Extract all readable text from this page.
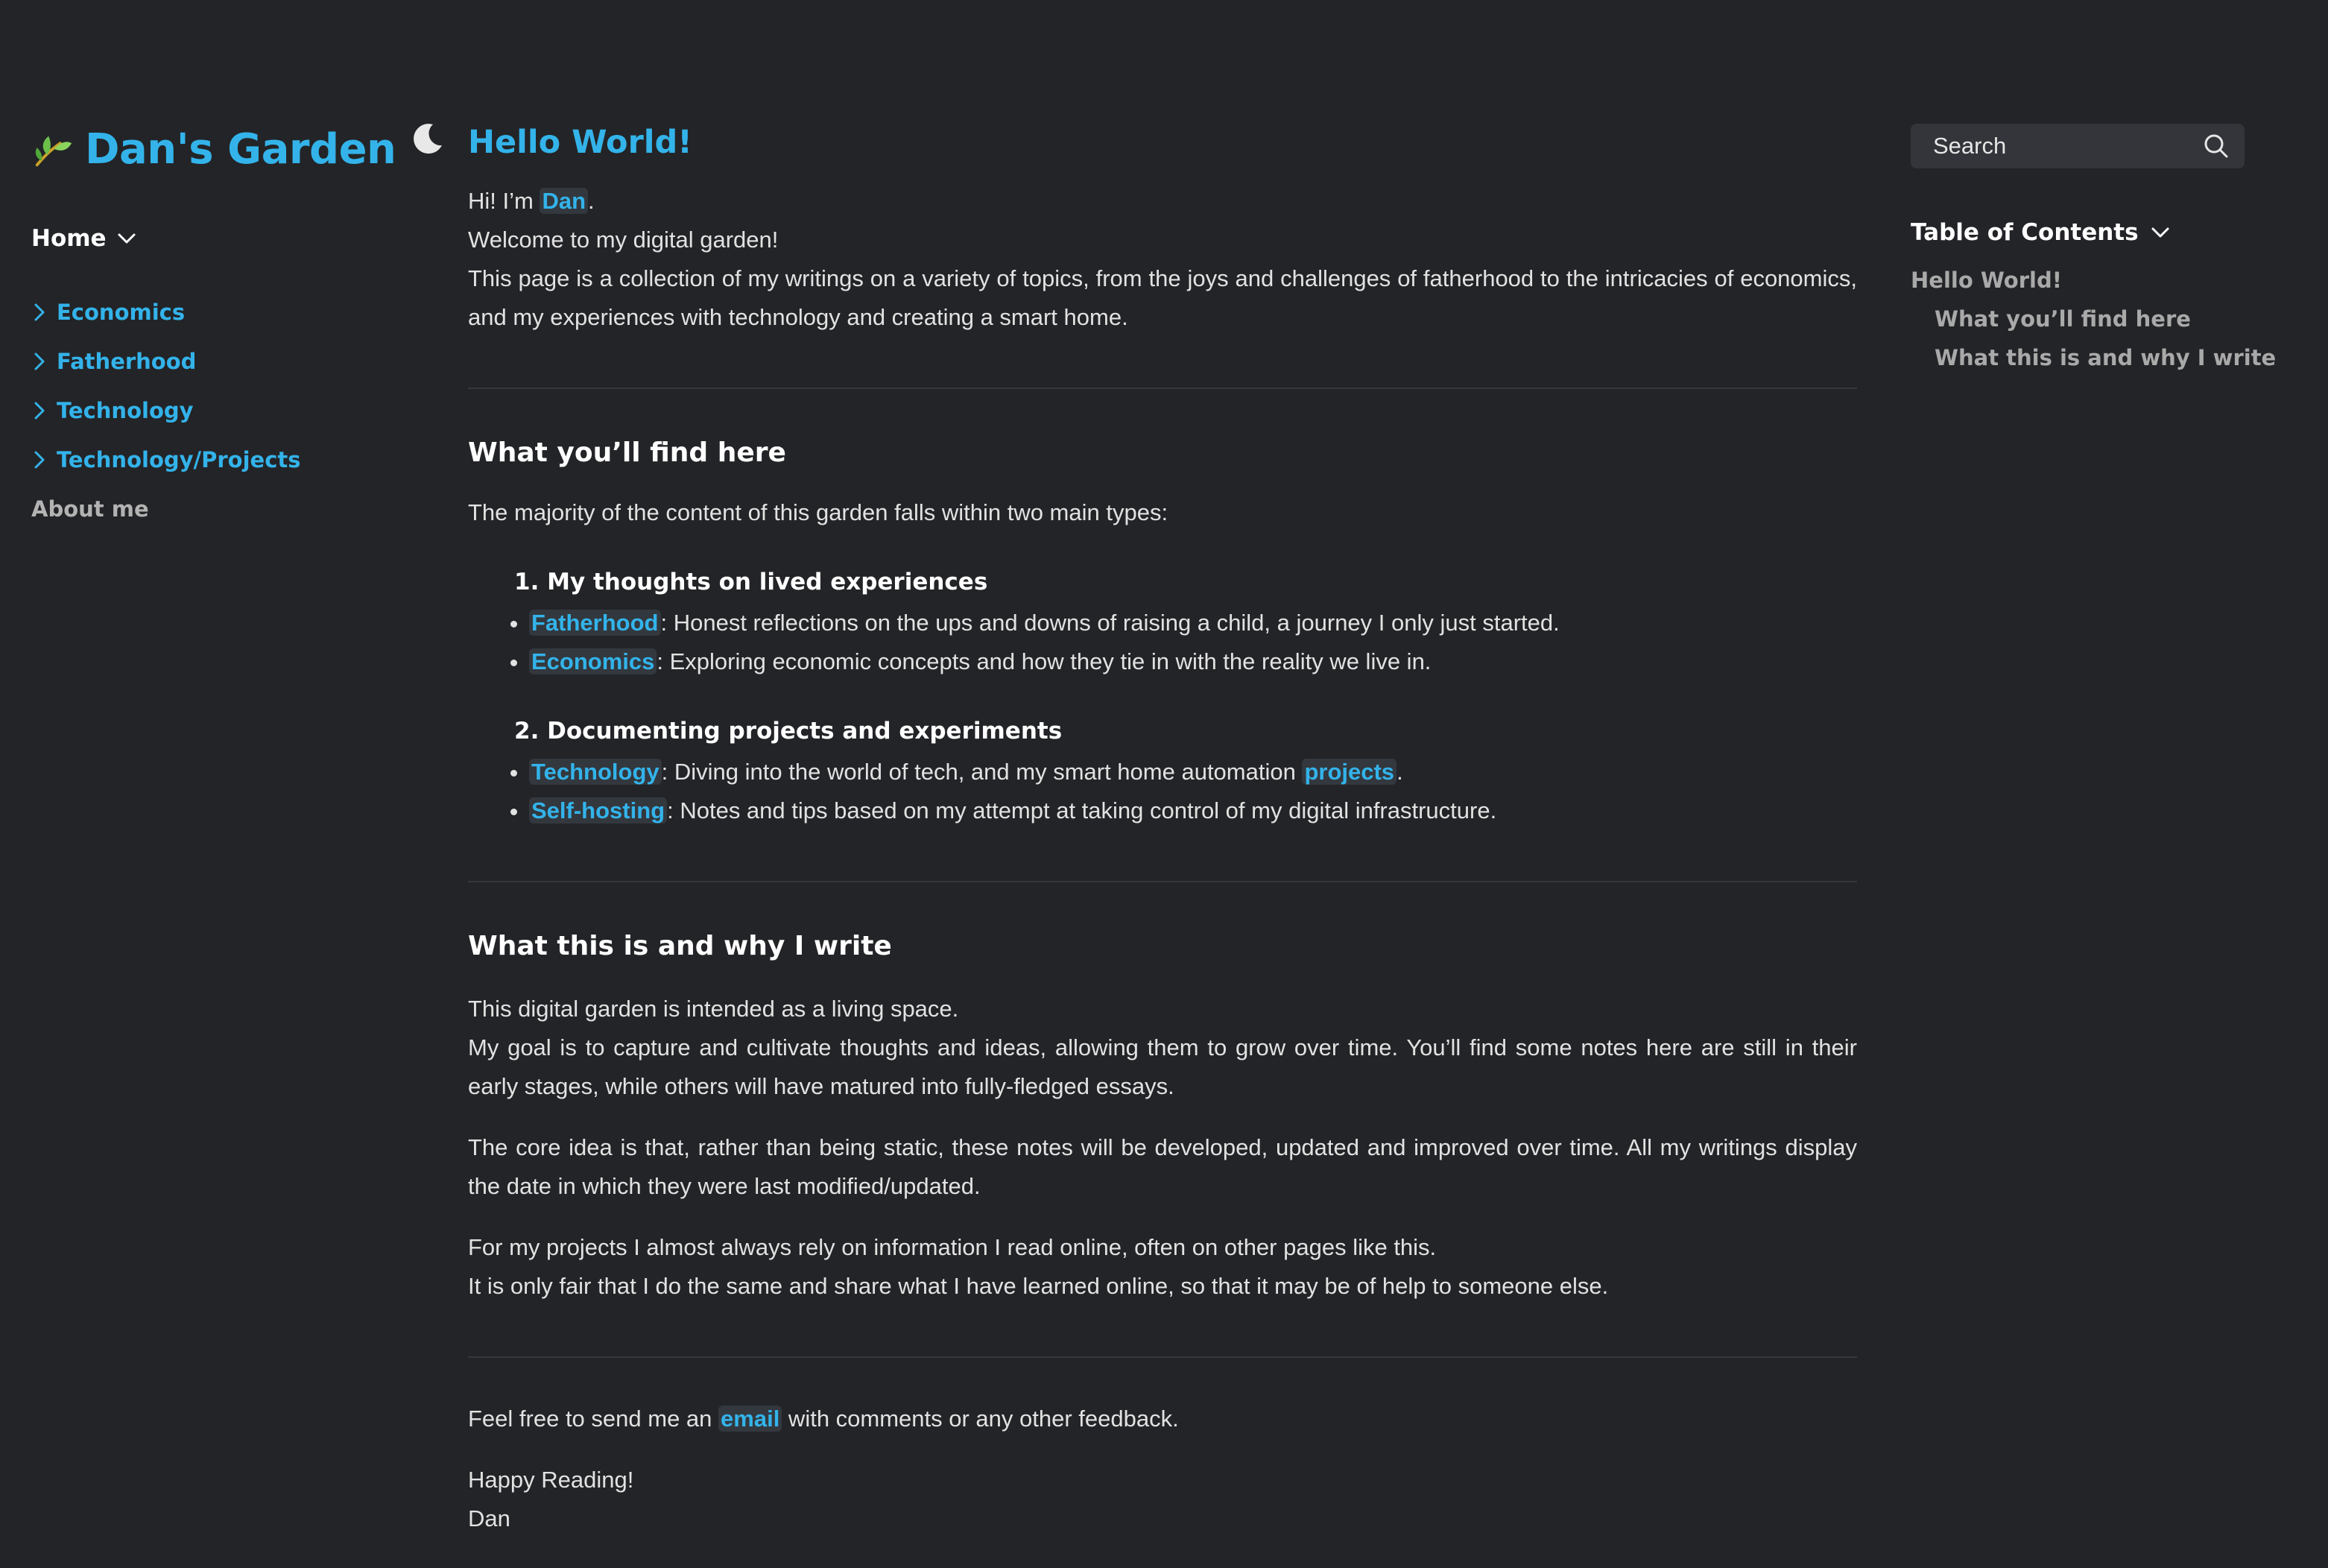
Dan's Garden
Home
Economics
Fatherhood
Technology
Technology/Projects
About me
Hello World!

Hi! I’m Dan.

Welcome to my digital garden!

This page is a collection of my writings on a variety of topics, from the joys and challenges of fatherhood to the intricacies of economics, and my experiences with technology and creating a smart home.

What you’ll find here

The majority of the content of this garden falls within two main types:

1. My thoughts on lived experiences
• Fatherhood: Honest reflections on the ups and downs of raising a child, a journey I only just started.
• Economics: Exploring economic concepts and how they tie in with the reality we live in.
2. Documenting projects and experiments
• Technology: Diving into the world of tech, and my smart home automation projects.
• Self-hosting: Notes and tips based on my attempt at taking control of my digital infrastructure.
What this is and why I write

This digital garden is intended as a living space.

My goal is to capture and cultivate thoughts and ideas, allowing them to grow over time. You’ll find some notes here are still in their early stages, while others will have matured into fully-fledged essays.

The core idea is that, rather than being static, these notes will be developed, updated and improved over time. All my writings display the date in which they were last modified/updated.

For my projects I almost always rely on information I read online, often on other pages like this.

It is only fair that I do the same and share what I have learned online, so that it may be of help to someone else.

Feel free to send me an email with comments or any other feedback.

Happy Reading!

Dan

Search
Table of Contents
Hello World!
What you’ll find here
What this is and why I write
